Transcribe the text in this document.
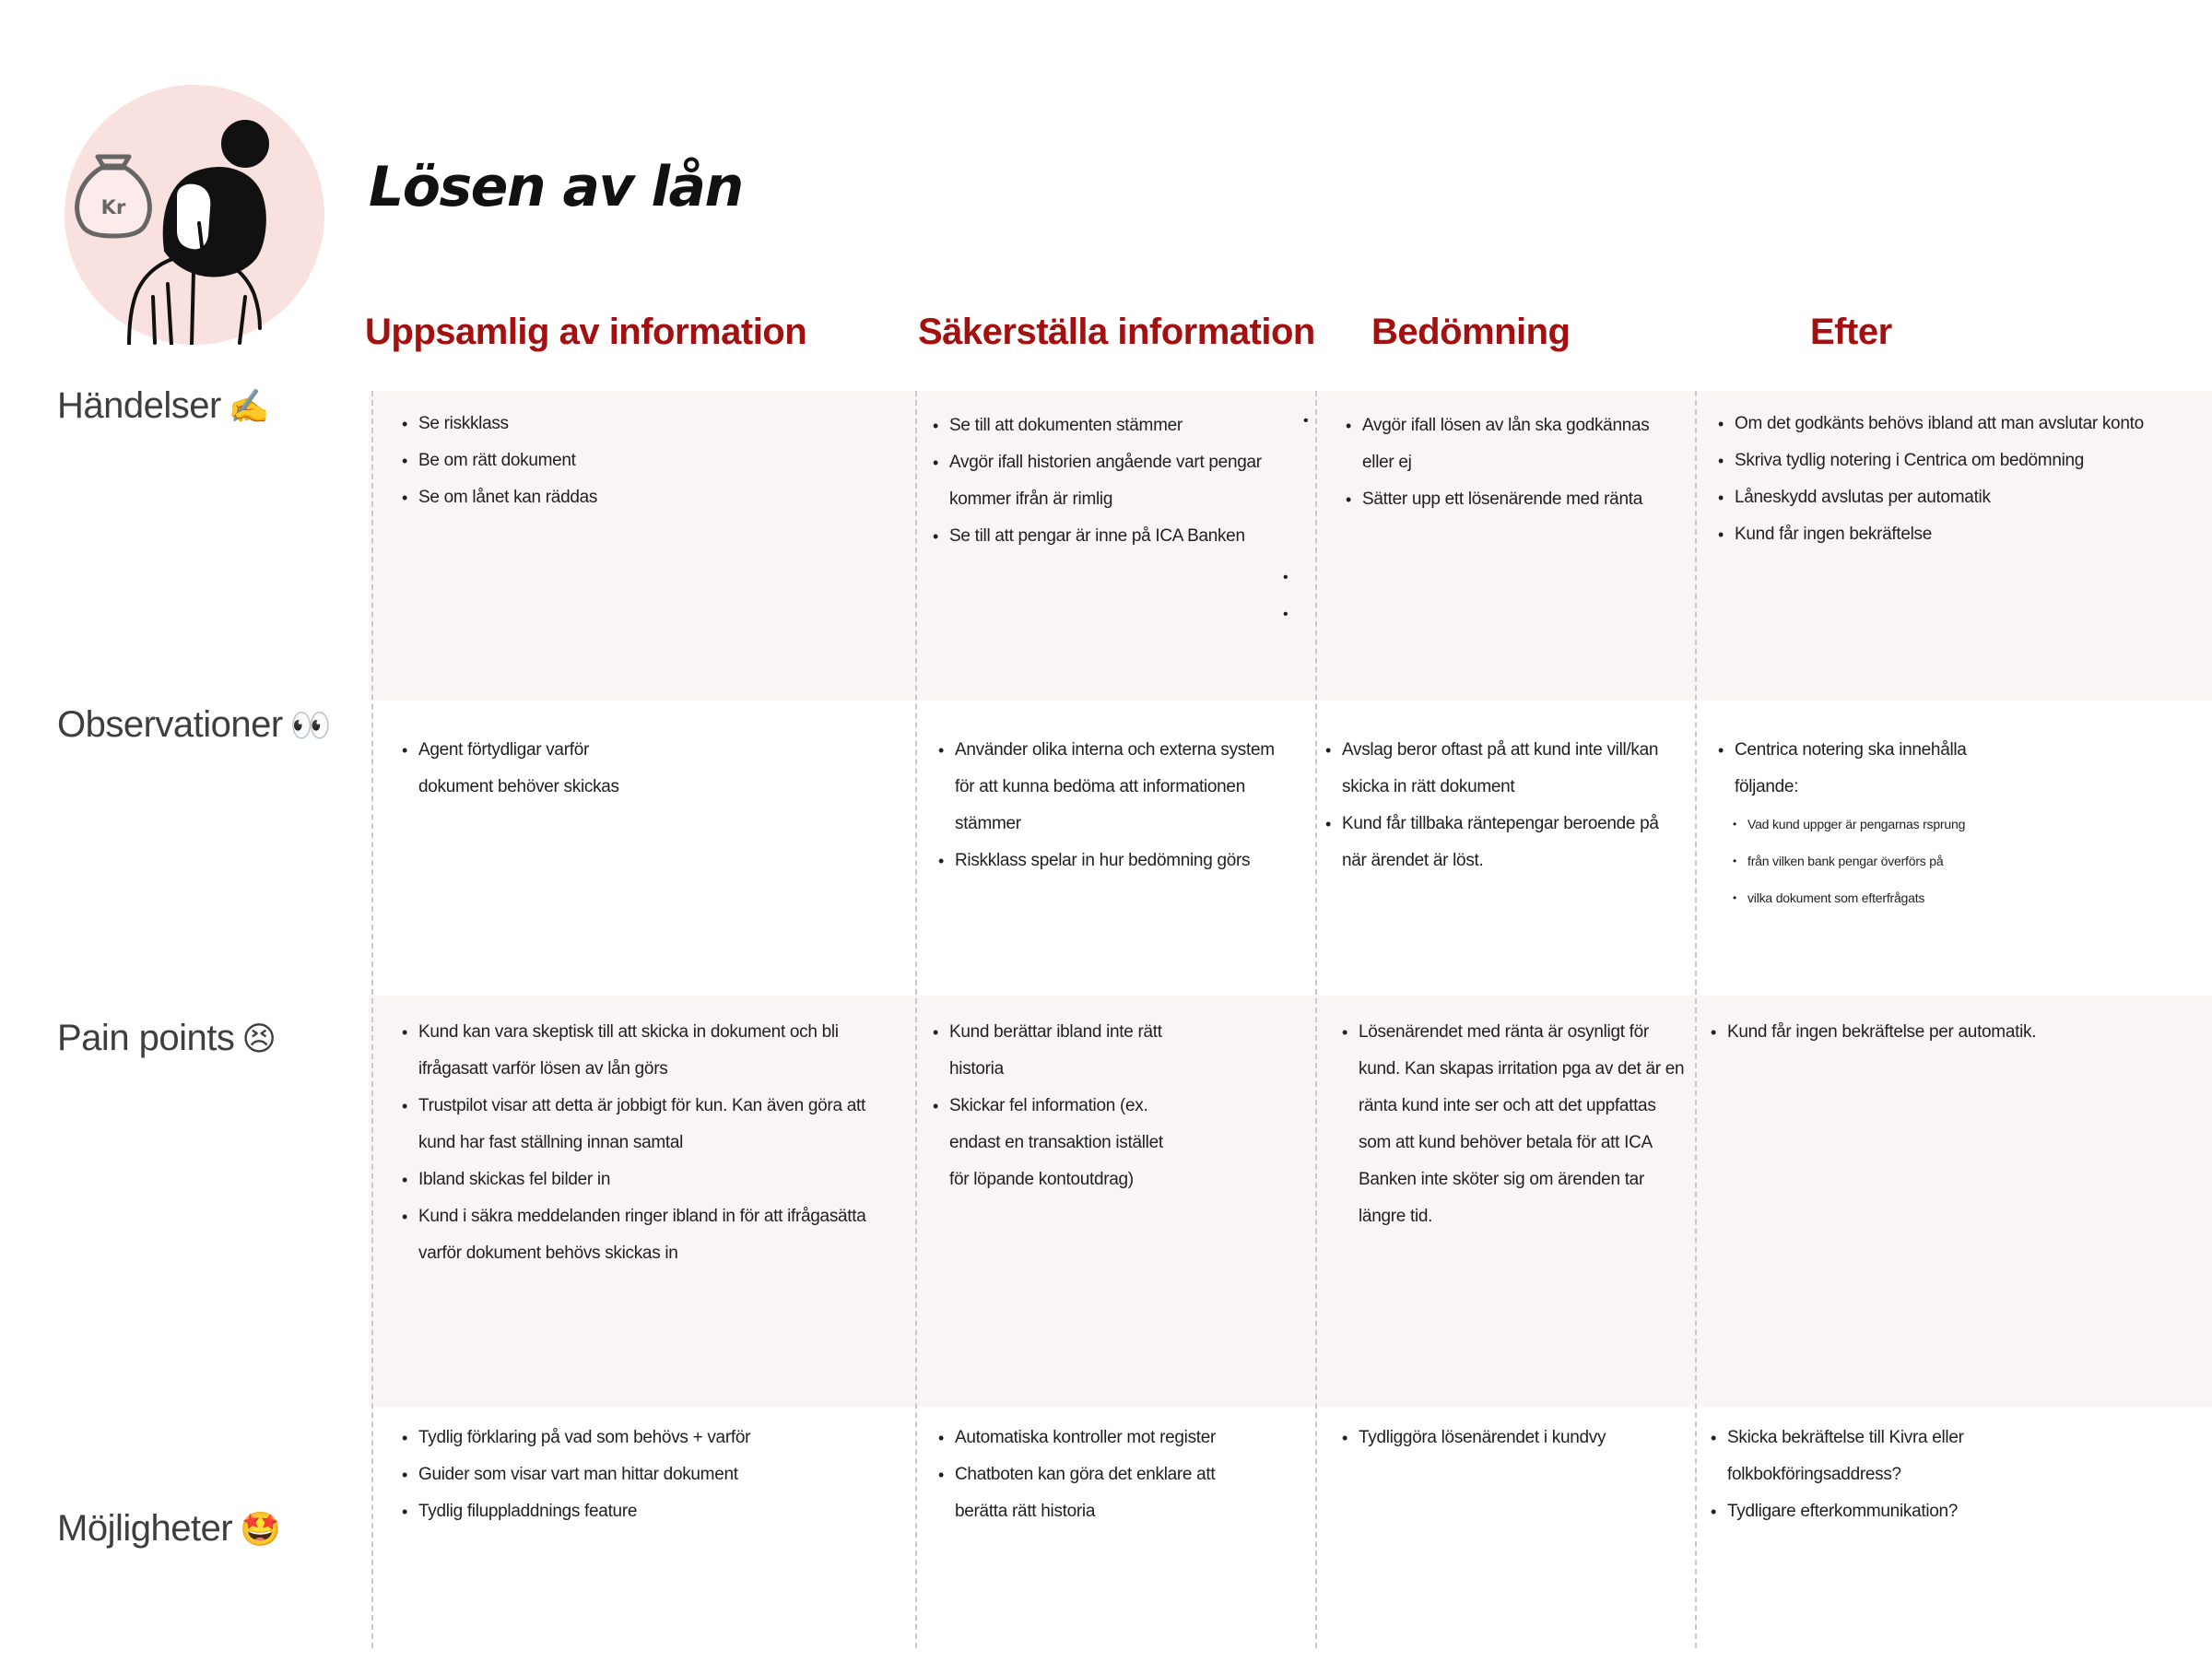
Kr	Lösen av lån
Uppsamlig av information	Säkerställa information Bedömning	Efter
Händelser ✍️
Observationer 👀
Pain points 😣
Möjligheter 🤩
• Se riskklass
• Be om rätt dokument
• Se om lånet kan räddas
• Se till att dokumenten stämmer
• Avgör ifall historien angående vart pengar kommer ifrån är rimlig
• Se till att pengar är inne på ICA Banken
• Avgör ifall lösen av lån ska godkännas eller ej
• Sätter upp ett lösenärende med ränta
• Om det godkänts behövs ibland att man avslutar konto
• Skriva tydlig notering i Centrica om bedömning
• Låneskydd avslutas per automatik
• Kund får ingen bekräftelse
•
•
•
• Agent förtydligar varför dokument behöver skickas
• Använder olika interna och externa system för att kunna bedöma att informationen stämmer
• Riskklass spelar in hur bedömning görs
• Avslag beror oftast på att kund inte vill/kan skicka in rätt dokument
• Kund får tillbaka räntepengar beroende på när ärendet är löst.
• Centrica notering ska innehålla följande:
• Vad kund uppger är pengarnas rsprung
• från vilken bank pengar överförs på
• vilka dokument som efterfrågats
• Kund kan vara skeptisk till att skicka in dokument och bli ifrågasatt varför lösen av lån görs
• Trustpilot visar att detta är jobbigt för kun. Kan även göra att kund har fast ställning innan samtal
• Ibland skickas fel bilder in
• Kund i säkra meddelanden ringer ibland in för att ifrågasätta varför dokument behövs skickas in
• Kund berättar ibland inte rätt historia
• Skickar fel information (ex. endast en transaktion istället för löpande kontoutdrag)
• Lösenärendet med ränta är osynligt för kund. Kan skapas irritation pga av det är en ränta kund inte ser och att det uppfattas som att kund behöver betala för att ICA Banken inte sköter sig om ärenden tar längre tid.
• Kund får ingen bekräftelse per automatik.
• Tydlig förklaring på vad som behövs + varför
• Guider som visar vart man hittar dokument
• Tydlig filuppladdnings feature
• Automatiska kontroller mot register
• Chatboten kan göra det enklare att berätta rätt historia
• Tydliggöra lösenärendet i kundvy
•	Skicka bekräftelse till Kivra eller folkbokföringsaddress?
• Tydligare efterkommunikation?
